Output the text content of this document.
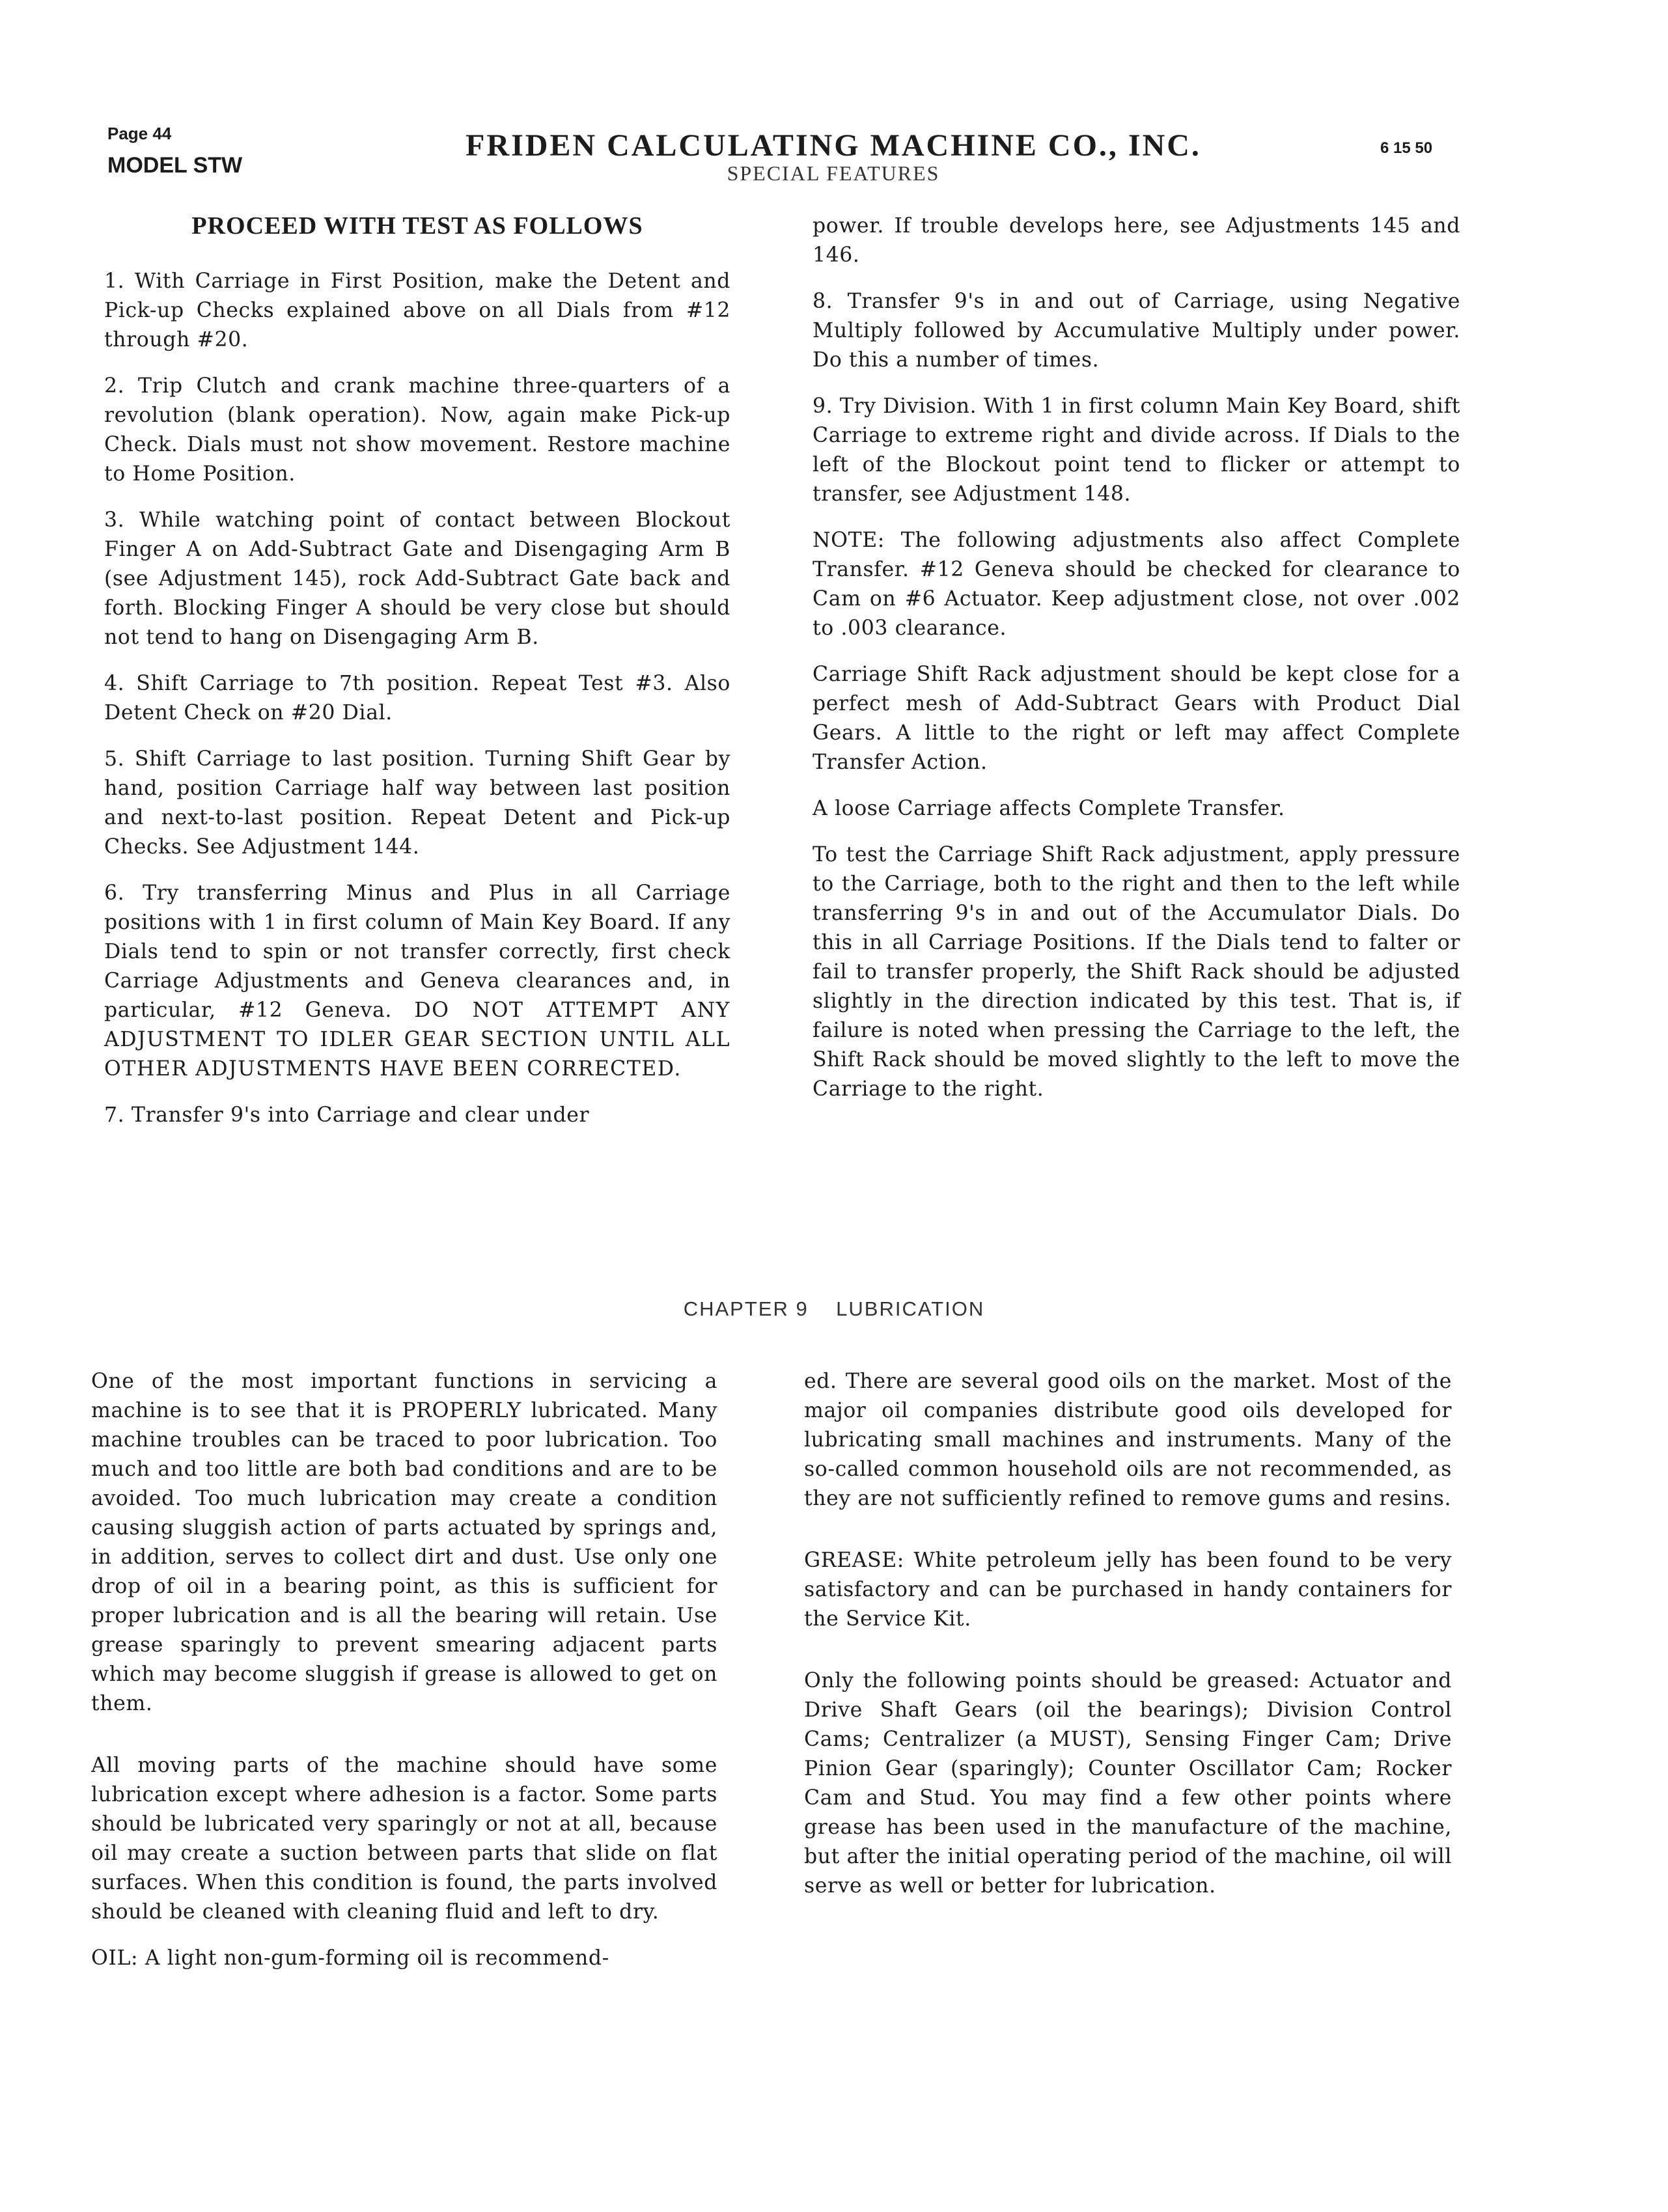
Page 44
MODEL STW
FRIDEN CALCULATING MACHINE CO., INC.
SPECIAL FEATURES
6 15 50

PROCEED WITH TEST AS FOLLOWS

1. With Carriage in First Position, make the Detent and Pick-up Checks explained above on all Dials from #12 through #20.

2. Trip Clutch and crank machine three-quarters of a revolution (blank operation). Now, again make Pick-up Check. Dials must not show movement. Restore machine to Home Position.

3. While watching point of contact between Blockout Finger A on Add-Subtract Gate and Disengaging Arm B (see Adjustment 145), rock Add-Subtract Gate back and forth. Blocking Finger A should be very close but should not tend to hang on Disengaging Arm B.

4. Shift Carriage to 7th position. Repeat Test #3. Also Detent Check on #20 Dial.

5. Shift Carriage to last position. Turning Shift Gear by hand, position Carriage half way between last position and next-to-last position. Repeat Detent and Pick-up Checks. See Adjustment 144.

6. Try transferring Minus and Plus in all Carriage positions with 1 in first column of Main Key Board. If any Dials tend to spin or not transfer correctly, first check Carriage Adjustments and Geneva clearances and, in particular, #12 Geneva. DO NOT ATTEMPT ANY ADJUSTMENT TO IDLER GEAR SECTION UNTIL ALL OTHER ADJUSTMENTS HAVE BEEN CORRECTED.

7. Transfer 9's into Carriage and clear under

power. If trouble develops here, see Adjustments 145 and 146.

8. Transfer 9's in and out of Carriage, using Negative Multiply followed by Accumulative Multiply under power. Do this a number of times.

9. Try Division. With 1 in first column Main Key Board, shift Carriage to extreme right and divide across. If Dials to the left of the Blockout point tend to flicker or attempt to transfer, see Adjustment 148.

NOTE: The following adjustments also affect Complete Transfer. #12 Geneva should be checked for clearance to Cam on #6 Actuator. Keep adjustment close, not over .002 to .003 clearance.

Carriage Shift Rack adjustment should be kept close for a perfect mesh of Add-Subtract Gears with Product Dial Gears. A little to the right or left may affect Complete Transfer Action.

A loose Carriage affects Complete Transfer.

To test the Carriage Shift Rack adjustment, apply pressure to the Carriage, both to the right and then to the left while transferring 9's in and out of the Accumulator Dials. Do this in all Carriage Positions. If the Dials tend to falter or fail to transfer properly, the Shift Rack should be adjusted slightly in the direction indicated by this test. That is, if failure is noted when pressing the Carriage to the left, the Shift Rack should be moved slightly to the left to move the Carriage to the right.

CHAPTER 9 LUBRICATION

One of the most important functions in servicing a machine is to see that it is PROPERLY lubricated. Many machine troubles can be traced to poor lubrication. Too much and too little are both bad conditions and are to be avoided. Too much lubrication may create a condition causing sluggish action of parts actuated by springs and, in addition, serves to collect dirt and dust. Use only one drop of oil in a bearing point, as this is sufficient for proper lubrication and is all the bearing will retain. Use grease sparingly to prevent smearing adjacent parts which may become sluggish if grease is allowed to get on them.

All moving parts of the machine should have some lubrication except where adhesion is a factor. Some parts should be lubricated very sparingly or not at all, because oil may create a suction between parts that slide on flat surfaces. When this condition is found, the parts involved should be cleaned with cleaning fluid and left to dry.

OIL: A light non-gum-forming oil is recommend-

ed. There are several good oils on the market. Most of the major oil companies distribute good oils developed for lubricating small machines and instruments. Many of the so-called common household oils are not recommended, as they are not sufficiently refined to remove gums and resins.

GREASE: White petroleum jelly has been found to be very satisfactory and can be purchased in handy containers for the Service Kit.

Only the following points should be greased: Actuator and Drive Shaft Gears (oil the bearings); Division Control Cams; Centralizer (a MUST), Sensing Finger Cam; Drive Pinion Gear (sparingly); Counter Oscillator Cam; Rocker Cam and Stud. You may find a few other points where grease has been used in the manufacture of the machine, but after the initial operating period of the machine, oil will serve as well or better for lubrication.
